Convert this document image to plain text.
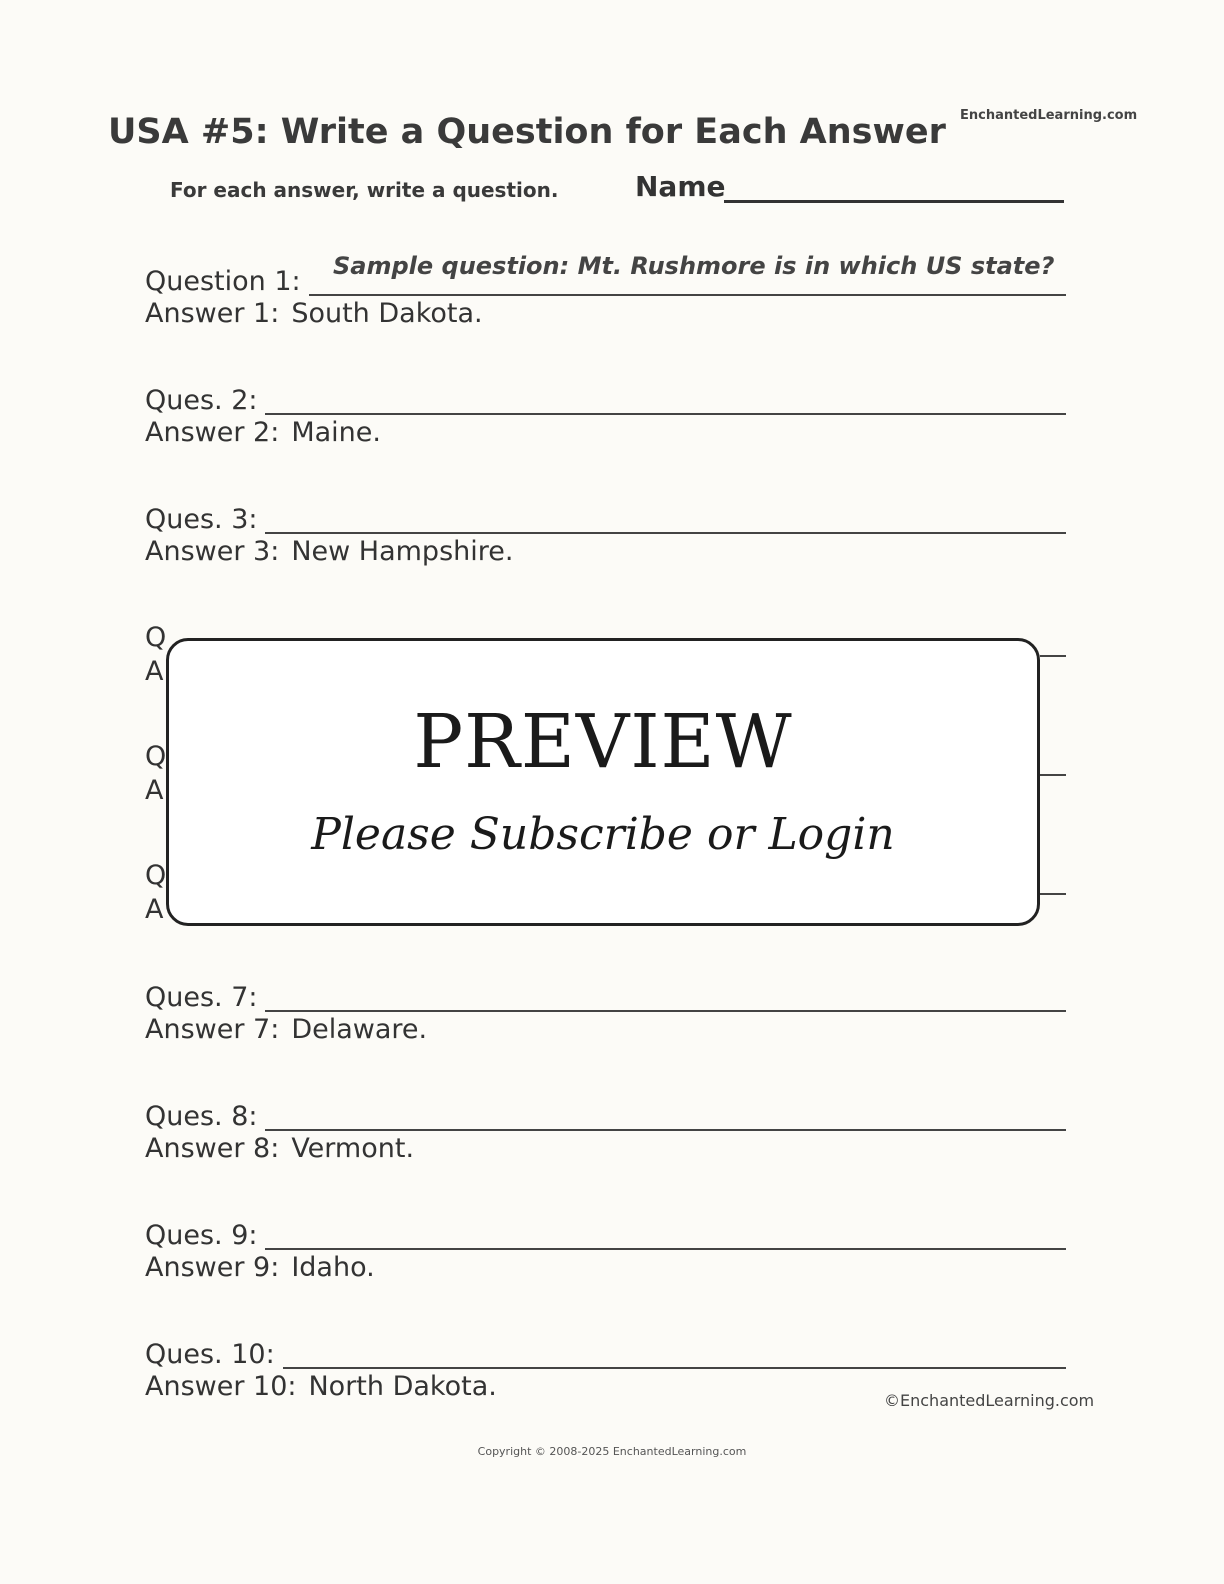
USA #5: Write a Question for Each Answer EnchantedLearning.com
For each answer, write a question.	Name
Sample question: Mt. Rushmore is in which US state?
Question 1:
Answer 1: South Dakota.
Ques. 2:
Answer 2: Maine.
Ques. 3:
Answer 3: New Hampshire.
Q
A
Q
A
Q
A
Ques. 7:
Answer 7: Delaware.
Ques. 8:
Answer 8: Vermont.
Ques. 9:
Answer 9: Idaho.
Ques. 10:
Answer 10: North Dakota.	©EnchantedLearning.com
PREVIEW
Please Subscribe or Login
Copyright © 2008-2025 EnchantedLearning.com
